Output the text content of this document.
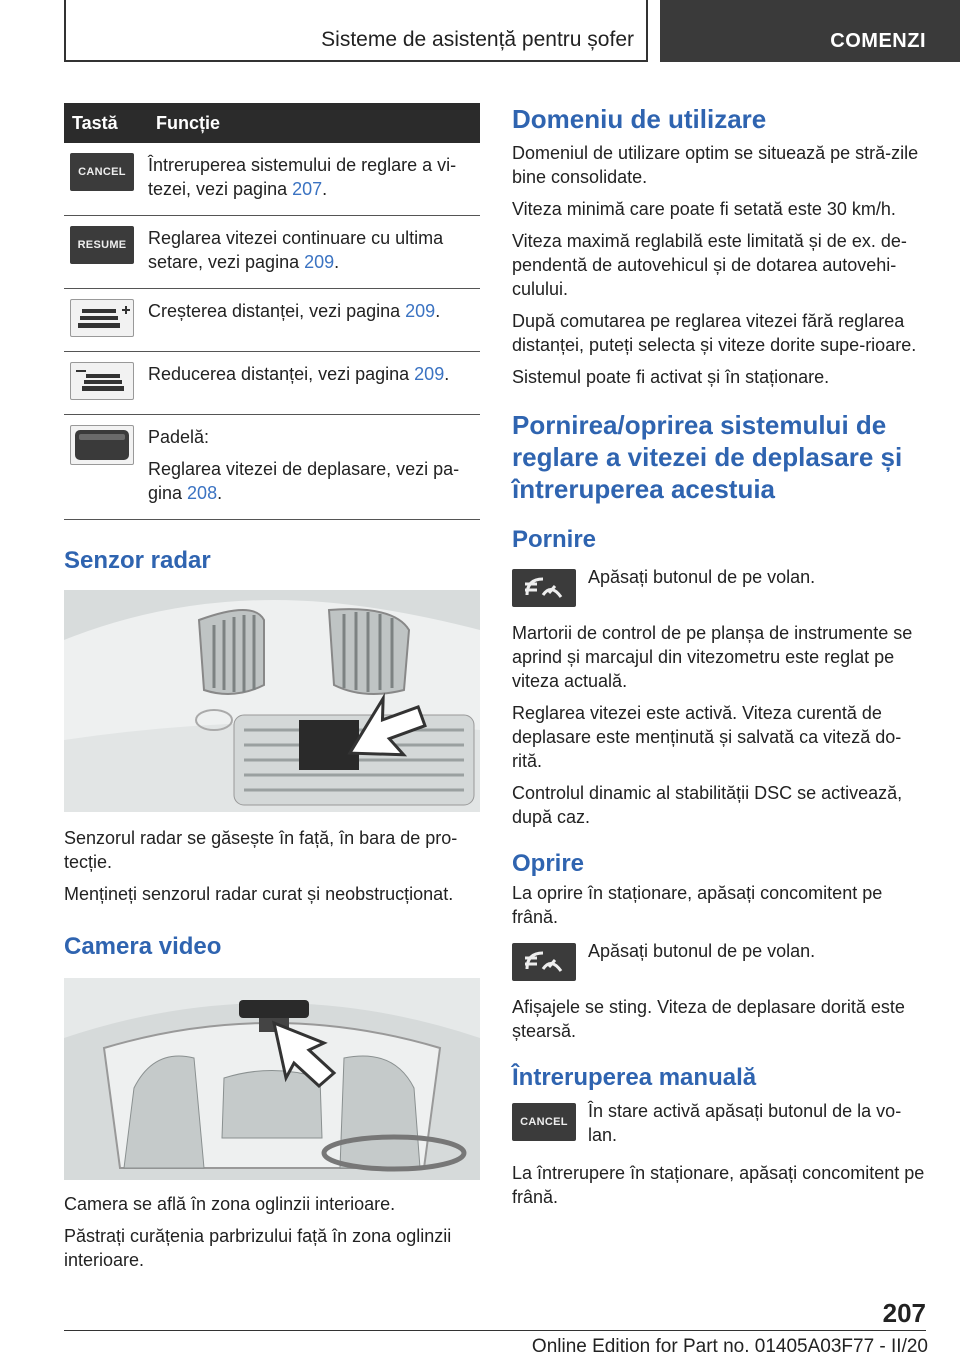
Sisteme de asistență pentru șofer	COMENZI
Tastă	Funcție

CANCEL	Întreruperea sistemului de reglare a vi-tezei, vezi pagina 207.

RESUME	Reglarea vitezei continuare cu ultima setare, vezi pagina 209.

	Creșterea distanței, vezi pagina 209.

	Reducerea distanței, vezi pagina 209.

Padelă:

Reglarea vitezei de deplasare, vezi pa-gina 208.

Senzor radar

Senzorul radar se găsește în față, în bara de pro-tecție.

Mențineți senzorul radar curat și neobstrucționat.

Camera video

Camera se află în zona oglinzii interioare.

Păstrați curățenia parbrizului față în zona oglinzii interioare.

Domeniu de utilizare

Domeniul de utilizare optim se situează pe stră-zile bine consolidate.

Viteza minimă care poate fi setată este 30 km/h.

Viteza maximă reglabilă este limitată și de ex. de-pendentă de autovehicul și de dotarea autovehi-culului.

După comutarea pe reglarea vitezei fără reglarea distanței, puteți selecta și viteze dorite supe-rioare.

Sistemul poate fi activat și în staționare.

Pornirea/oprirea sistemului de reglare a vitezei de deplasare și întreruperea acestuia
Pornire
Apăsați butonul de pe volan.

Martorii de control de pe planșa de instrumente se aprind și marcajul din vitezometru este reglat pe viteza actuală.

Reglarea vitezei este activă. Viteza curentă de deplasare este menținută și salvată ca viteză do-rită.

Controlul dinamic al stabilității DSC se activează, după caz.

Oprire

La oprire în staționare, apăsați concomitent pe frână.

Apăsați butonul de pe volan.

Afișajele se sting. Viteza de deplasare dorită este ștearsă.

Întreruperea manuală
CANCEL
În stare activă apăsați butonul de la vo-lan.

La întrerupere în staționare, apăsați concomitent pe frână.

207
Online Edition for Part no. 01405A03F77 - II/20
